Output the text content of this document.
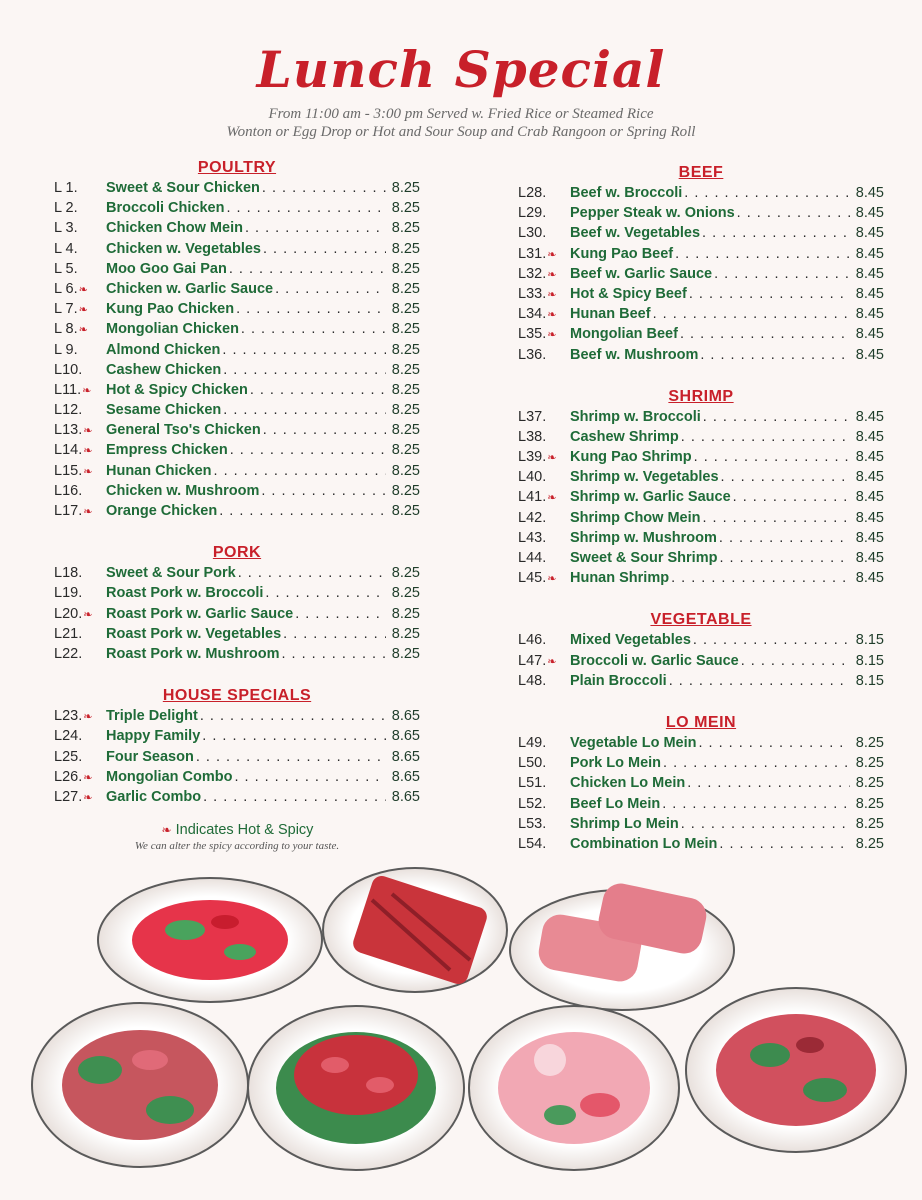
Lunch Special
From 11:00 am - 3:00 pm Served w. Fried Rice or Steamed Rice
Wonton or Egg Drop or Hot and Sour Soup and Crab Rangoon or Spring Roll
POULTRY
L 1. Sweet & Sour Chicken . . .	8.25
L 2. Broccoli Chicken . . .	8.25
L 3. Chicken Chow Mein . . .	8.25
L 4. Chicken w. Vegetables . . .	8.25
L 5. Moo Goo Gai Pan . . .	8.25
L 6. ❧ Chicken w. Garlic Sauce . . .	8.25
L 7. ❧ Kung Pao Chicken . . .	8.25
L 8. ❧ Mongolian Chicken . . .	8.25
L 9. Almond Chicken . . .	8.25
L10. Cashew Chicken . . .	8.25
L11. ❧ Hot & Spicy Chicken . . .	8.25
L12. Sesame Chicken . . .	8.25
L13. ❧ General Tso's Chicken . . .	8.25
L14. ❧ Empress Chicken . . .	8.25
L15. ❧ Hunan Chicken . . .	8.25
L16. Chicken w. Mushroom . . .	8.25
L17. ❧ Orange Chicken . . .	8.25
PORK
L18. Sweet & Sour Pork . . .	8.25
L19. Roast Pork w. Broccoli . . .	8.25
L20. ❧ Roast Pork w. Garlic Sauce . . .	8.25
L21. Roast Pork w. Vegetables . . .	8.25
L22. Roast Pork w. Mushroom . . .	8.25
HOUSE SPECIALS
L23. ❧ Triple Delight . . .	8.65
L24. Happy Family . . .	8.65
L25. Four Season . . .	8.65
L26. ❧ Mongolian Combo . . .	8.65
L27. ❧ Garlic Combo . . .	8.65
BEEF
L28. Beef w. Broccoli . . .	8.45
L29. Pepper Steak w. Onions . . .	8.45
L30. Beef w. Vegetables . . .	8.45
L31. ❧ Kung Pao Beef . . .	8.45
L32. ❧ Beef w. Garlic Sauce . . .	8.45
L33. ❧ Hot & Spicy Beef . . .	8.45
L34. ❧ Hunan Beef . . .	8.45
L35. ❧ Mongolian Beef . . .	8.45
L36. Beef w. Mushroom . . .	8.45
SHRIMP
L37. Shrimp w. Broccoli . . .	8.45
L38. Cashew Shrimp . . .	8.45
L39. ❧ Kung Pao Shrimp . . .	8.45
L40. Shrimp w. Vegetables . . .	8.45
L41. ❧ Shrimp w. Garlic Sauce . . .	8.45
L42. Shrimp Chow Mein . . .	8.45
L43. Shrimp w. Mushroom . . .	8.45
L44. Sweet & Sour Shrimp . . .	8.45
L45. ❧ Hunan Shrimp . . .	8.45
VEGETABLE
L46. Mixed Vegetables . . .	8.15
L47. ❧ Broccoli w. Garlic Sauce . . .	8.15
L48. Plain Broccoli . . .	8.15
LO MEIN
L49. Vegetable Lo Mein . . .	8.25
L50. Pork Lo Mein . . .	8.25
L51. Chicken Lo Mein . . .	8.25
L52. Beef Lo Mein . . .	8.25
L53. Shrimp Lo Mein . . .	8.25
L54. Combination Lo Mein . . .	8.25
❧ Indicates Hot & Spicy
We can alter the spicy according to your taste.
